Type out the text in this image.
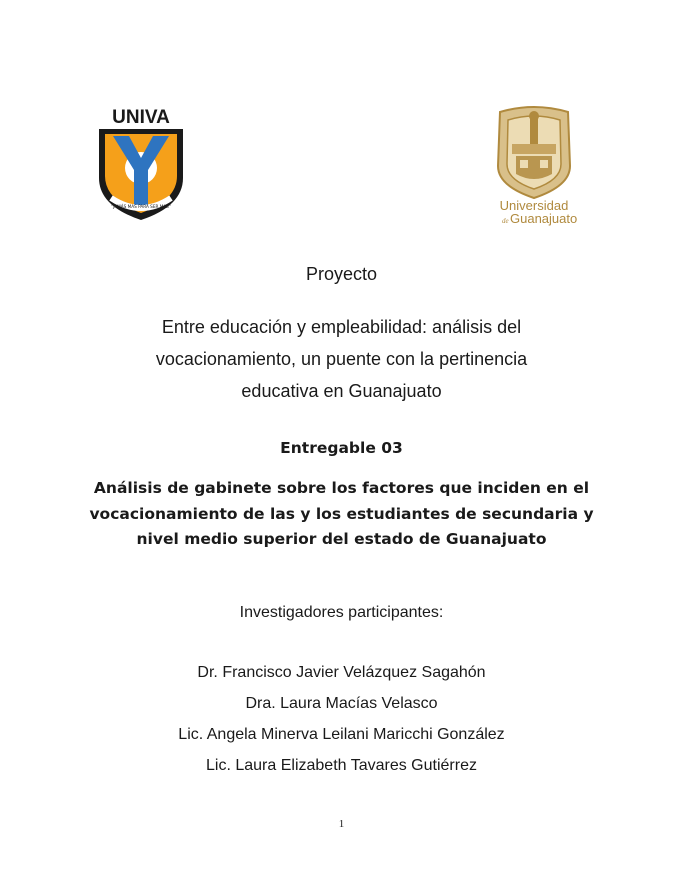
UNIVA
"JAMÁS MAS PARA SER MAS"	Universidad
de Guanajuato
Proyecto
Entre educación y empleabilidad: análisis del
vocacionamiento, un puente con la pertinencia
educativa en Guanajuato
Entregable 03
Análisis de gabinete sobre los factores que inciden en el
vocacionamiento de las y los estudiantes de secundaria y
nivel medio superior del estado de Guanajuato
Investigadores participantes:
Dr. Francisco Javier Velázquez Sagahón
Dra. Laura Macías Velasco
Lic. Angela Minerva Leilani Maricchi González
Lic. Laura Elizabeth Tavares Gutiérrez
1
